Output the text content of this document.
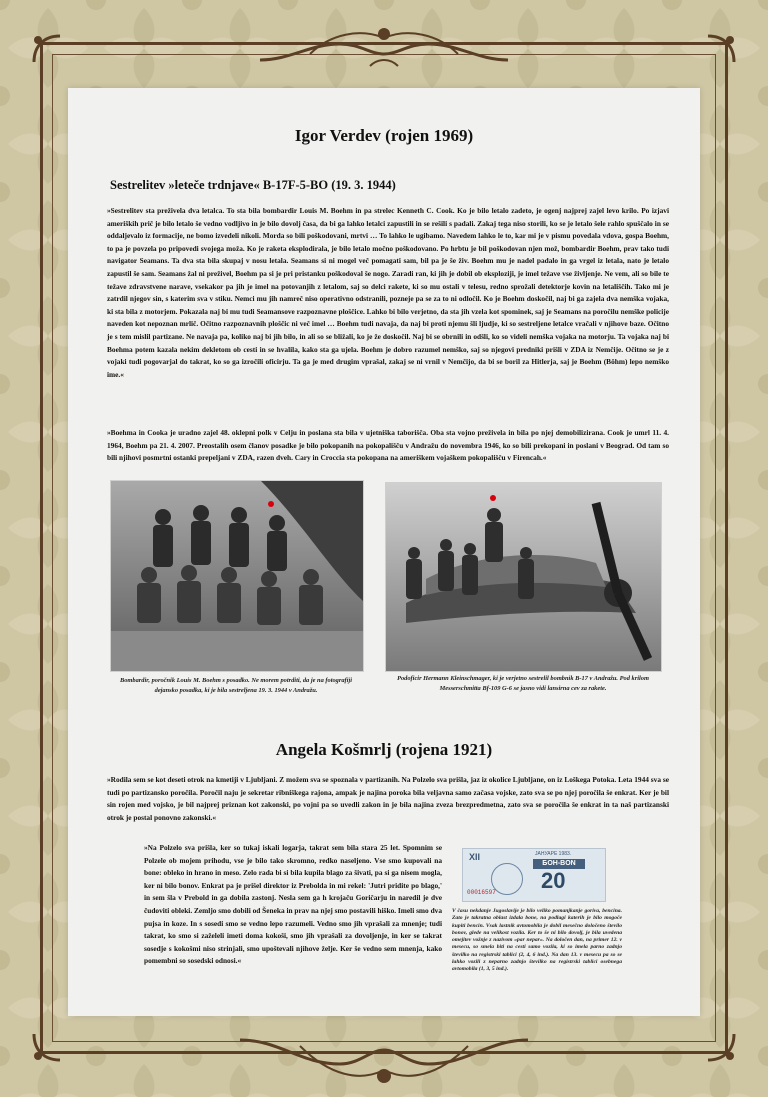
Igor Verdev (rojen 1969)
Sestrelitev »leteče trdnjave« B-17F-5-BO (19. 3. 1944)
»Sestrelitev sta preživela dva letalca. To sta bila bombardir Louis M. Boehm in pa strelec Kenneth C. Cook. Ko je bilo letalo zadeto, je ogenj najprej zajel levo krilo. Po izjavi ameriških prič je bilo letalo še vedno vodljivo in je bilo dovolj časa, da bi ga lahko letalci zapustili in se rešili s padali. Zakaj tega niso storili, ko se je letalo šele rahlo spuščalo in se oddaljevalo iz formacije, ne bomo izvedeli nikoli. Morda so bili poškodovani, mrtvi … To lahko le ugibamo. Navedem lahko le to, kar mi je v pismu povedala vdova, gospa Boehm, to pa je povzela po pripovedi svojega moža. Ko je raketa eksplodirala, je bilo letalo močno poškodovano. Po hrbtu je bil poškodovan njen mož, bombardir Boehm, prav tako tudi navigator Seamans. Ta dva sta bila skupaj v nosu letala. Seamans si ni mogel več pomagati sam, bil pa je še živ. Boehm mu je nadel padalo in ga vrgel iz letala, nato je letalo zapustil še sam. Seamans žal ni preživel, Boehm pa si je pri pristanku poškodoval še nogo. Zaradi ran, ki jih je dobil ob eksploziji, je imel težave vse življenje. Ne vem, ali so bile te težave zdravstvene narave, vsekakor pa jih je imel na potovanjih z letalom, saj so delci rakete, ki so mu ostali v telesu, redno sprožali detektorje kovin na letališčih. Tako mi je zatrdil njegov sin, s katerim sva v stiku. Nemci mu jih namreč niso operativno odstranili, pozneje pa se za to ni odločil. Ko je Boehm doskočil, naj bi ga zajela dva nemška vojaka, ki sta bila z motorjem. Pokazala naj bi mu tudi Seamansove razpoznavne ploščice. Lahko bi bilo verjetno, da sta jih vzela kot spominek, saj je Seamans na poročilu nemške policije naveden kot nepoznan mrlič. Očitno razpoznavnih ploščic ni več imel … Boehm tudi navaja, da naj bi proti njemu šli ljudje, ki so sestreljene letalce vračali v njihove baze. Očitno je s tem mislil partizane. Ne navaja pa, koliko naj bi jih bilo, in ali so se bližali, ko je že doskočil. Naj bi se obrnili in odšli, ko so videli nemška vojaka na motorju. Ta vojaka naj bi Boehma potem kazala nekim dekletom ob cesti in se hvalila, kako sta ga ujela. Boehm je dobro razumel nemško, saj so njegovi predniki prišli v ZDA iz Nemčije. Očitno se je z vojaki tudi pogovarjal do takrat, ko so ga izročili oficirju. Ta ga je med drugim vprašal, zakaj se ni vrnil v Nemčijo, da bi se boril za Hitlerja, saj je Boehm (Böhm) lepo nemško ime.«
»Boehma in Cooka je uradno zajel 48. oklepni polk v Celju in poslana sta bila v ujetniška taborišča. Oba sta vojno preživela in bila po njej demobilizirana. Cook je umrl 11. 4. 1964, Boehm pa 21. 4. 2007. Preostalih osem članov posadke je bilo pokopanih na pokopališču v Andražu do novembra 1946, ko so bili prekopani in poslani v Beograd. Od tam so bili njihovi posmrtni ostanki prepeljani v ZDA, razen dveh. Cary in Croccia sta pokopana na ameriškem vojaškem pokopališču v Firencah.«
Bombardir, poročnik Louis M. Boehm s posadko. Ne morem potrditi, da je na fotografiji dejansko posadka, ki je bila sestreljena 19. 3. 1944 v Andražu.
Podoficir Hermann Kleinschmager, ki je verjetno sestrelil bombnik B-17 v Andražu. Pod krilom Messerschmitta Bf-109 G-6 se jasno vidi lansirna cev za rakete.
Angela Košmrlj (rojena 1921)
»Rodila sem se kot deseti otrok na kmetiji v Ljubljani. Z možem sva se spoznala v partizanih. Na Polzelo sva prišla, jaz iz okolice Ljubljane, on iz Loškega Potoka. Leta 1944 sva se tudi po partizansko poročila. Poročil naju je sekretar ribniškega rajona, ampak je najina poroka bila veljavna samo začasa vojske, zato sva se po njej poročila še enkrat. Ker je bil sin rojen med vojsko, je bil najprej priznan kot zakonski, po vojni pa so uvedli zakon in je bila najina zveza brezpredmetna, zato sva se poročila še enkrat in ta naš partizanski otrok je postal ponovno zakonski.«
»Na Polzelo sva prišla, ker so tukaj iskali logarja, takrat sem bila stara 25 let. Spomnim se Polzele ob mojem prihodu, vse je bilo tako skromno, redko naseljeno. Vse smo kupovali na bone: obleko in hrano in meso. Zelo rada bi si bila kupila blago za šivati, pa si ga nisem mogla, ker ni bilo bonov. Enkrat pa je prišel direktor iz Prebolda in mi rekel: 'Jutri pridite po blago,' in sem šla v Prebold in ga dobila zastonj. Nesla sem ga h krojaču Goričarju in naredil je dve čudoviti obleki. Zemljo smo dobili od Šeneka in prav na njej smo postavili hiško. Imeli smo dva pujsa in koze. In s sosedi smo se vedno lepo razumeli. Vedno smo jih vprašali za mnenje; tudi takrat, ko smo si zaželeli imeti doma kokoši, smo jih vprašali za dovoljenje, in ker se takrat sosedje s kokošmi niso strinjali, smo upoštevali njihove želje. Ker še vedno sem mnenja, kako pomembni so sosedski odnosi.«
XII	ЈАНУАРЕ 1983.
БОН-BON
20
00016597
V času nekdanje Jugoslavije je bilo veliko pomanjkanje goriva, bencina. Zato je takratna oblast izdala bone, na podlagi katerih je bilo mogoče kupiti bencin. Vsak lastnik avtomobila je dobil mesečno določeno število bonov, glede na velikost vozila. Ker to še ni bilo dovolj, je bila uvedena omejitev vožnje z nazivom »par nepar«. Na določen dan, na primer 12. v mesecu, so smela biti na cesti samo vozila, ki so imela parno zadnjo številko na registrski tablici (2, 4, 6 ind.). Na dan 13. v mesecu pa so se lahko vozili z neparno zadnjo številko na registrski tablici osebnega avtomobila (1, 3, 5 ind.).
